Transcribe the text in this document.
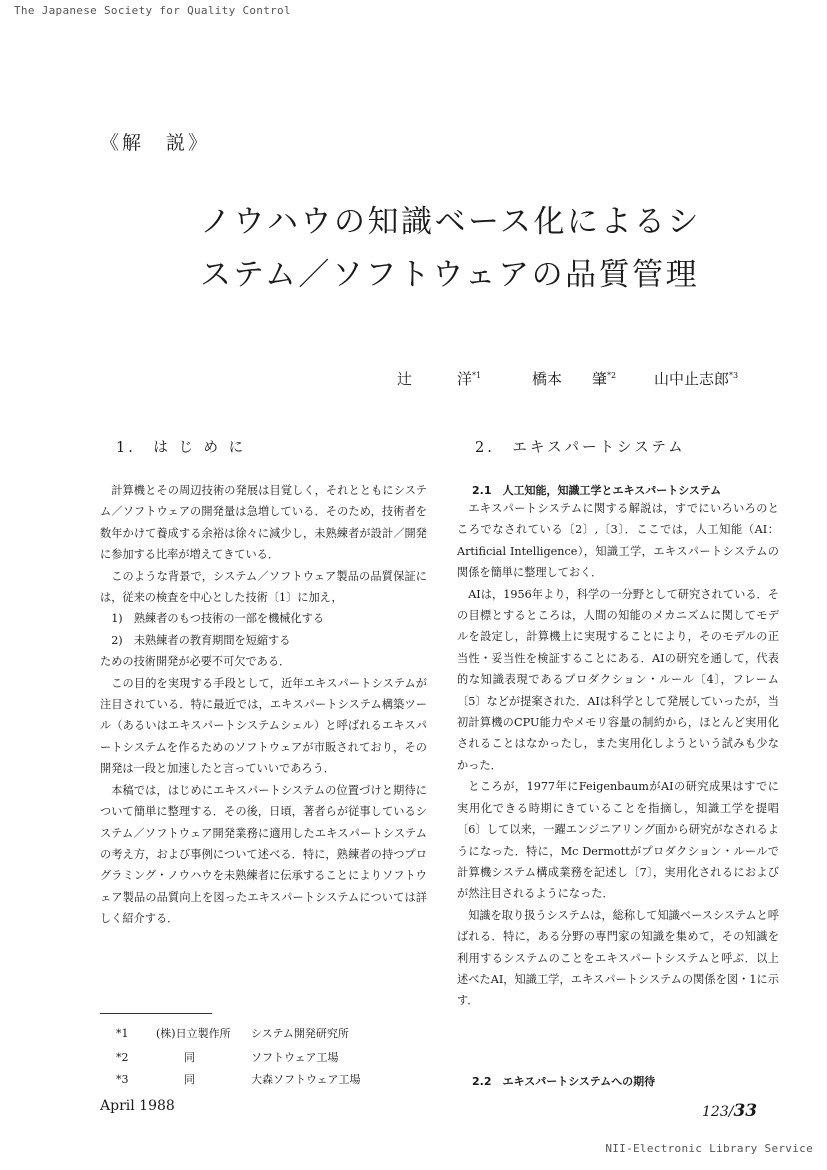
The Japanese Society for Quality Control
《解　説》
ノウハウの知識ベース化によるシ
ステム／ソフトウェアの品質管理
辻　　　洋$^{*1}$	橋本　　肇$^{*2}$	山中止志郎$^{*3}$
1.　は じ め に

計算機とその周辺技術の発展は目覚しく，それとともにシステム／ソフトウェアの開発量は急増している．そのため，技術者を数年かけて養成する余裕は徐々に減少し，未熟練者が設計／開発に参加する比率が増えてきている．

このような背景で，システム／ソフトウェア製品の品質保証には，従来の検査を中心とした技術〔1〕に加え，

1)　熟練者のもつ技術の一部を機械化する

2)　未熟練者の教育期間を短縮する

ための技術開発が必要不可欠である．

この目的を実現する手段として，近年エキスパートシステムが注目されている．特に最近では，エキスパートシステム構築ツール（あるいはエキスパートシステムシェル）と呼ばれるエキスパートシステムを作るためのソフトウェアが市販されており，その開発は一段と加速したと言っていいであろう．

本稿では，はじめにエキスパートシステムの位置づけと期待について簡単に整理する．その後，日頃，著者らが従事しているシステム／ソフトウェア開発業務に適用したエキスパートシステムの考え方，および事例について述べる．特に，熟練者の持つプログラミング・ノウハウを未熟練者に伝承することによりソフトウェア製品の品質向上を図ったエキスパートシステムについては詳しく紹介する．

2.　エキスパートシステム
2.1　人工知能，知識工学とエキスパートシステム

エキスパートシステムに関する解説は，すでにいろいろのところでなされている〔2〕,〔3〕．ここでは，人工知能（AI：Artificial Intelligence），知識工学，エキスパートシステムの関係を簡単に整理しておく．

AIは，1956年より，科学の一分野として研究されている．その目標とするところは，人間の知能のメカニズムに関してモデルを設定し，計算機上に実現することにより，そのモデルの正当性・妥当性を検証することにある．AIの研究を通して，代表的な知識表現であるプロダクション・ルール〔4〕，フレーム〔5〕などが提案された．AIは科学として発展していったが，当初計算機のCPU能力やメモリ容量の制約から，ほとんど実用化されることはなかったし，また実用化しようという試みも少なかった．

ところが，1977年にFeigenbaumがAIの研究成果はすでに実用化できる時期にきていることを指摘し，知識工学を提唱〔6〕して以来，一躍エンジニアリング面から研究がなされるようになった．特に，Mc Dermottがプロダクション・ルールで計算機システム構成業務を記述し〔7〕，実用化されるにおよびが然注目されるようになった．

知識を取り扱うシステムは，総称して知識ベースシステムと呼ばれる．特に，ある分野の専門家の知識を集めて，その知識を利用するシステムのことをエキスパートシステムと呼ぶ．以上述べたAI，知識工学，エキスパートシステムの関係を図・1に示す．

2.2　エキスパートシステムへの期待
*1	(株)日立製作所 システム開発研究所
*2	同	ソフトウェア工場
*3	同	大森ソフトウェア工場
April 1988	123/33
NII-Electronic Library Service
